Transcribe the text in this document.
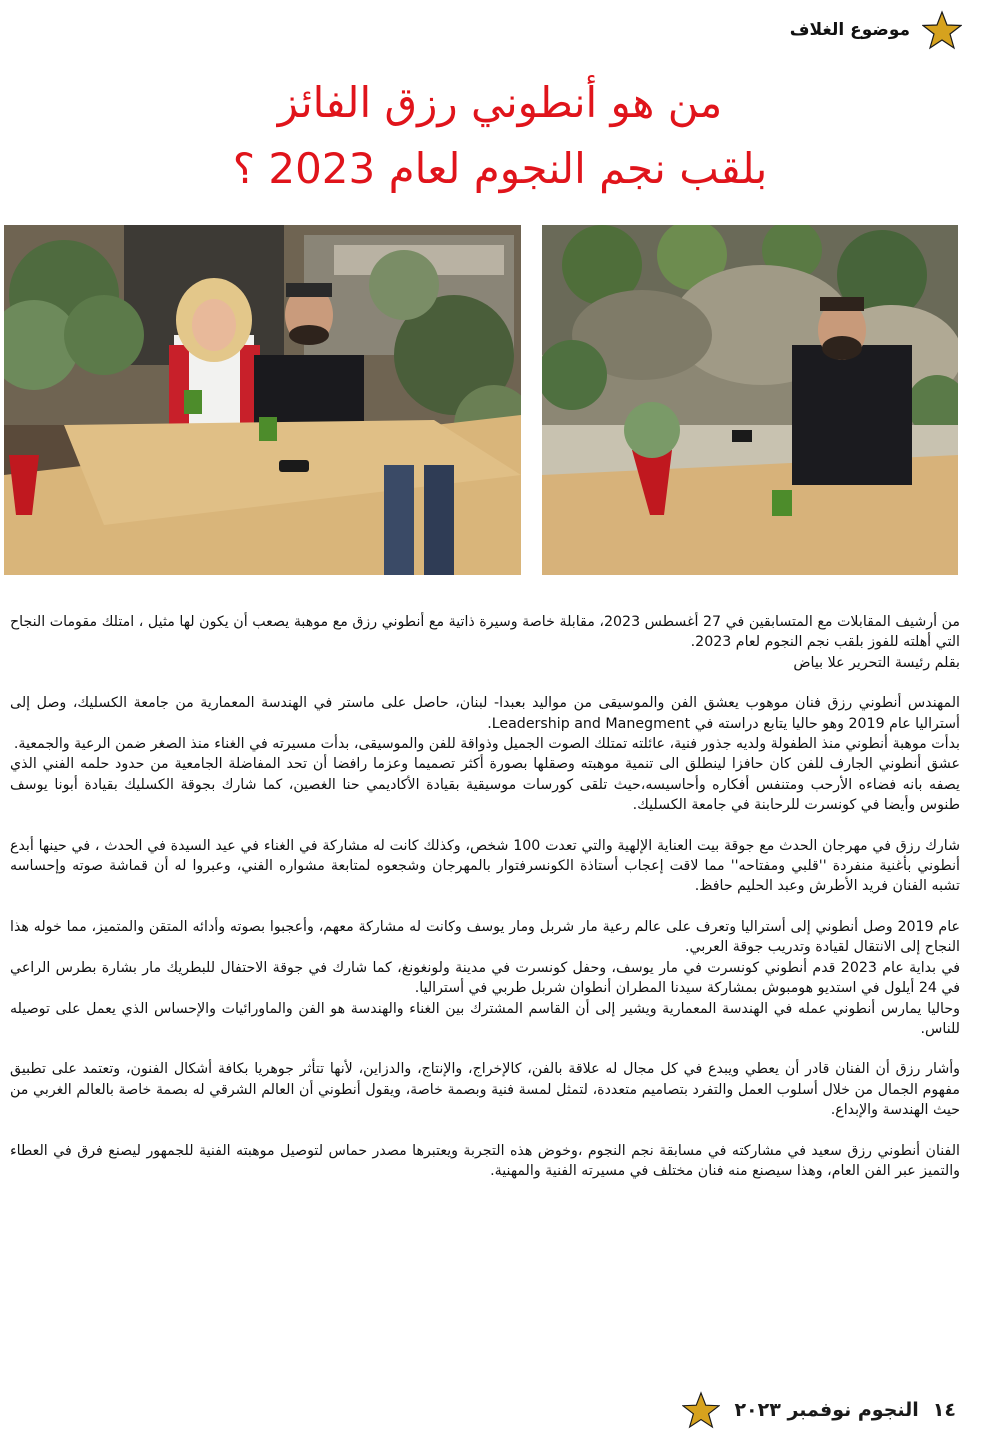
موضوع الغلاف
من هو أنطوني رزق الفائز
بلقب نجم النجوم لعام 2023 ؟

من أرشيف المقابلات مع المتسابقين في 27 أغسطس 2023، مقابلة خاصة وسيرة ذاتية مع أنطوني رزق مع موهبة يصعب أن يكون لها مثيل ، امتلك مقومات النجاح التي أهلته للفوز بلقب نجم النجوم لعام 2023.

بقلم رئيسة التحرير علا بياض

المهندس أنطوني رزق فنان موهوب يعشق الفن والموسيقى من مواليد بعبدا- لبنان، حاصل على ماستر في الهندسة المعمارية من جامعة الكسليك، وصل إلى أستراليا عام 2019 وهو حاليا يتابع دراسته في Leadership and Manegment.

بدأت موهبة أنطوني منذ الطفولة ولديه جذور فنية، عائلته تمتلك الصوت الجميل وذواقة للفن والموسيقى، بدأت مسيرته في الغناء منذ الصغر ضمن الرعية والجمعية.

عشق أنطوني الجارف للفن كان حافزا لينطلق الى تنمية موهبته وصقلها بصورة أكثر تصميما وعزما رافضا أن تحد المفاضلة الجامعية من حدود حلمه الفني الذي يصفه بانه فضاءه الأرحب ومتنفس أفكاره وأحاسيسه،حيث تلقى كورسات موسيقية بقيادة الأكاديمي حنا الغصين، كما شارك بجوقة الكسليك بقيادة أبونا يوسف طنوس وأيضا في كونسرت للرحابنة في جامعة الكسليك.

شارك رزق في مهرجان الحدث مع جوقة بيت العناية الإلهية والتي تعدت 100 شخص، وكذلك كانت له مشاركة في الغناء في عيد السيدة في الحدث ، في حينها أبدع أنطوني بأغنية منفردة ''قلبي ومفتاحه'' مما لاقت إعجاب أستاذة الكونسرفتوار بالمهرجان وشجعوه لمتابعة مشواره الفني، وعبروا له أن قماشة صوته وإحساسه تشبه الفنان فريد الأطرش وعبد الحليم حافظ.

عام 2019 وصل أنطوني إلى أستراليا وتعرف على عالم رعية مار شربل ومار يوسف وكانت له مشاركة معهم، وأعجبوا بصوته وأدائه المتقن والمتميز، مما خوله هذا النجاح إلى الانتقال لقيادة وتدريب جوقة العربي.

في بداية عام 2023 قدم أنطوني كونسرت في مار يوسف، وحفل كونسرت في مدينة ولونغونغ، كما شارك في جوقة الاحتفال للبطريك مار بشارة بطرس الراعي في 24 أيلول في استديو هومبوش بمشاركة سيدنا المطران أنطوان شربل طربي في أستراليا.

وحاليا يمارس أنطوني عمله في الهندسة المعمارية ويشير إلى أن القاسم المشترك بين الغناء والهندسة هو الفن والماورائيات والإحساس الذي يعمل على توصيله للناس.

وأشار رزق أن الفنان قادر أن يعطي ويبدع في كل مجال له علاقة بالفن، كالإخراج، والإنتاج، والدزاين، لأنها تتأثر جوهريا بكافة أشكال الفنون، وتعتمد على تطبيق مفهوم الجمال من خلال أسلوب العمل والتفرد بتصاميم متعددة، لتمثل لمسة فنية وبصمة خاصة، ويقول أنطوني أن العالم الشرقي له بصمة خاصة بالعالم الغربي من حيث الهندسة والإبداع.

الفنان أنطوني رزق سعيد في مشاركته في مسابقة نجم النجوم ،وخوض هذه التجربة ويعتبرها مصدر حماس لتوصيل موهبته الفنية للجمهور ليصنع فرق في العطاء والتميز عبر الفن العام، وهذا سيصنع منه فنان مختلف في مسيرته الفنية والمهنية.

١٤
النجوم نوفمبر ٢٠٢٣
